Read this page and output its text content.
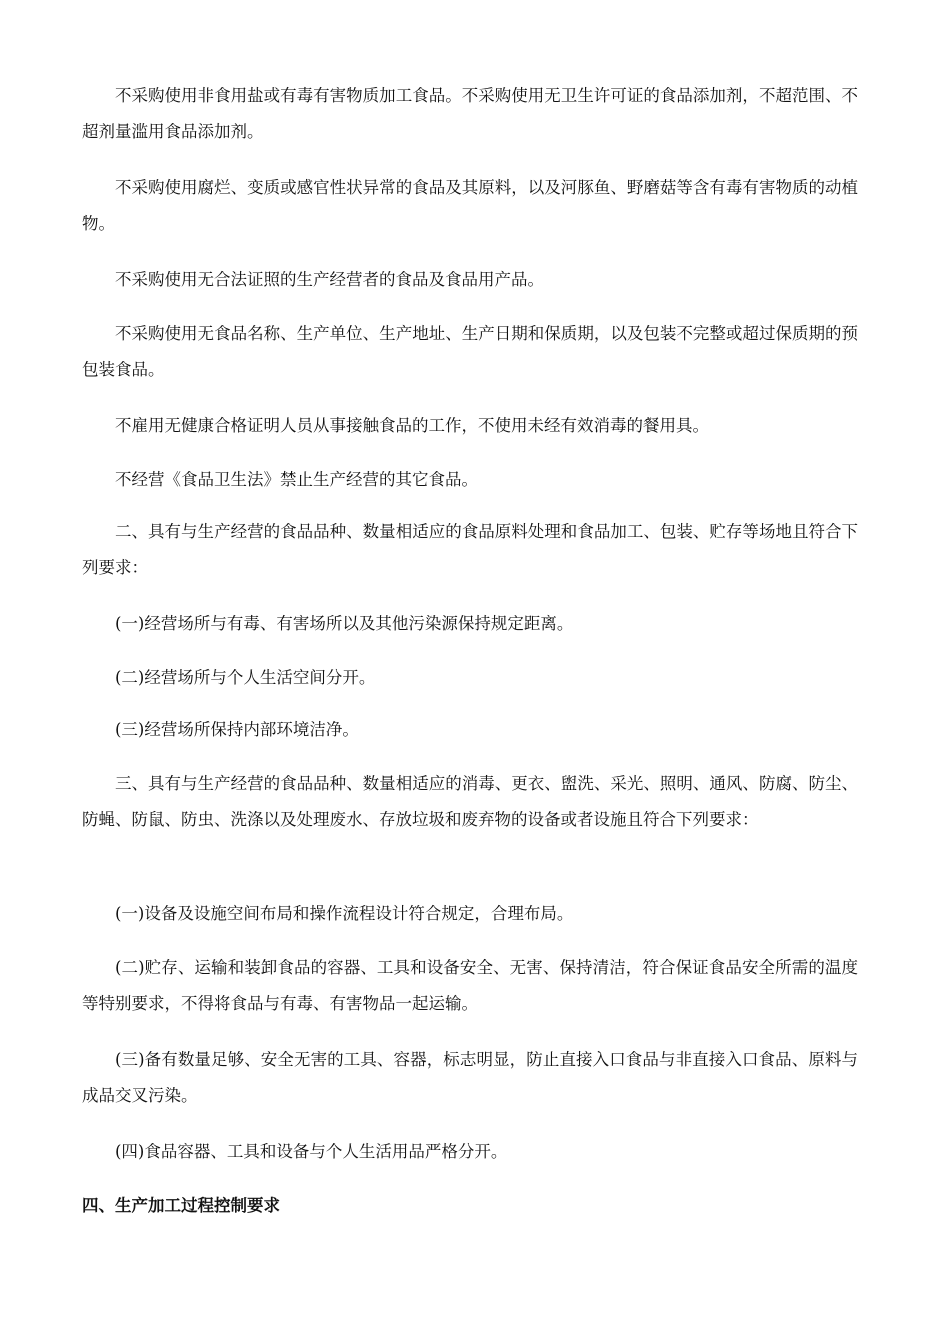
不采购使用非食用盐或有毒有害物质加工食品。不采购使用无卫生许可证的食品添加剂，不超范围、不超剂量滥用食品添加剂。

不采购使用腐烂、变质或感官性状异常的食品及其原料，以及河豚鱼、野磨菇等含有毒有害物质的动植物。

不采购使用无合法证照的生产经营者的食品及食品用产品。

不采购使用无食品名称、生产单位、生产地址、生产日期和保质期，以及包装不完整或超过保质期的预包装食品。

不雇用无健康合格证明人员从事接触食品的工作，不使用未经有效消毒的餐用具。

不经营《食品卫生法》禁止生产经营的其它食品。

二、具有与生产经营的食品品种、数量相适应的食品原料处理和食品加工、包装、贮存等场地且符合下列要求：

(一)经营场所与有毒、有害场所以及其他污染源保持规定距离。

(二)经营场所与个人生活空间分开。

(三)经营场所保持内部环境洁净。

三、具有与生产经营的食品品种、数量相适应的消毒、更衣、盥洗、采光、照明、通风、防腐、防尘、防蝇、防鼠、防虫、洗涤以及处理废水、存放垃圾和废弃物的设备或者设施且符合下列要求：

(一)设备及设施空间布局和操作流程设计符合规定，合理布局。

(二)贮存、运输和装卸食品的容器、工具和设备安全、无害、保持清洁，符合保证食品安全所需的温度等特别要求，不得将食品与有毒、有害物品一起运输。

(三)备有数量足够、安全无害的工具、容器，标志明显，防止直接入口食品与非直接入口食品、原料与成品交叉污染。

(四)食品容器、工具和设备与个人生活用品严格分开。

四、生产加工过程控制要求
